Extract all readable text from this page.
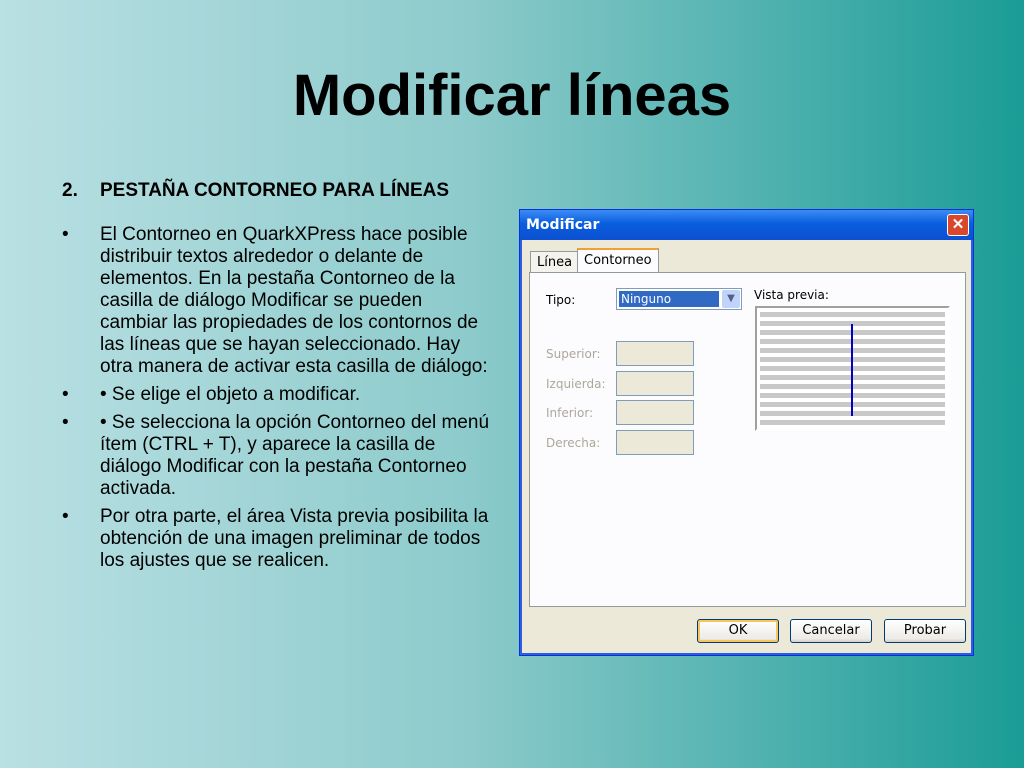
Modificar líneas
2.	PESTAÑA CONTORNEO PARA LÍNEAS
•	El Contorneo en QuarkXPress hace posible distribuir textos alrededor o delante de elementos. En la pestaña Contorneo de la casilla de diálogo Modificar se pueden cambiar las propiedades de los contornos de las líneas que se hayan seleccionado. Hay otra manera de activar esta casilla de diálogo:
•	• Se elige el objeto a modificar.
•	• Se selecciona la opción Contorneo del menú ítem (CTRL + T), y aparece la casilla de diálogo Modificar con la pestaña Contorneo activada.
•	Por otra parte, el área Vista previa posibilita la obtención de una imagen preliminar de todos los ajustes que se realicen.
Modificar	✕
Línea Contorneo
Tipo:	Ninguno	▼	Vista previa:
Superior:
Izquierda:
Inferior:
Derecha:
OK	Cancelar	Probar
